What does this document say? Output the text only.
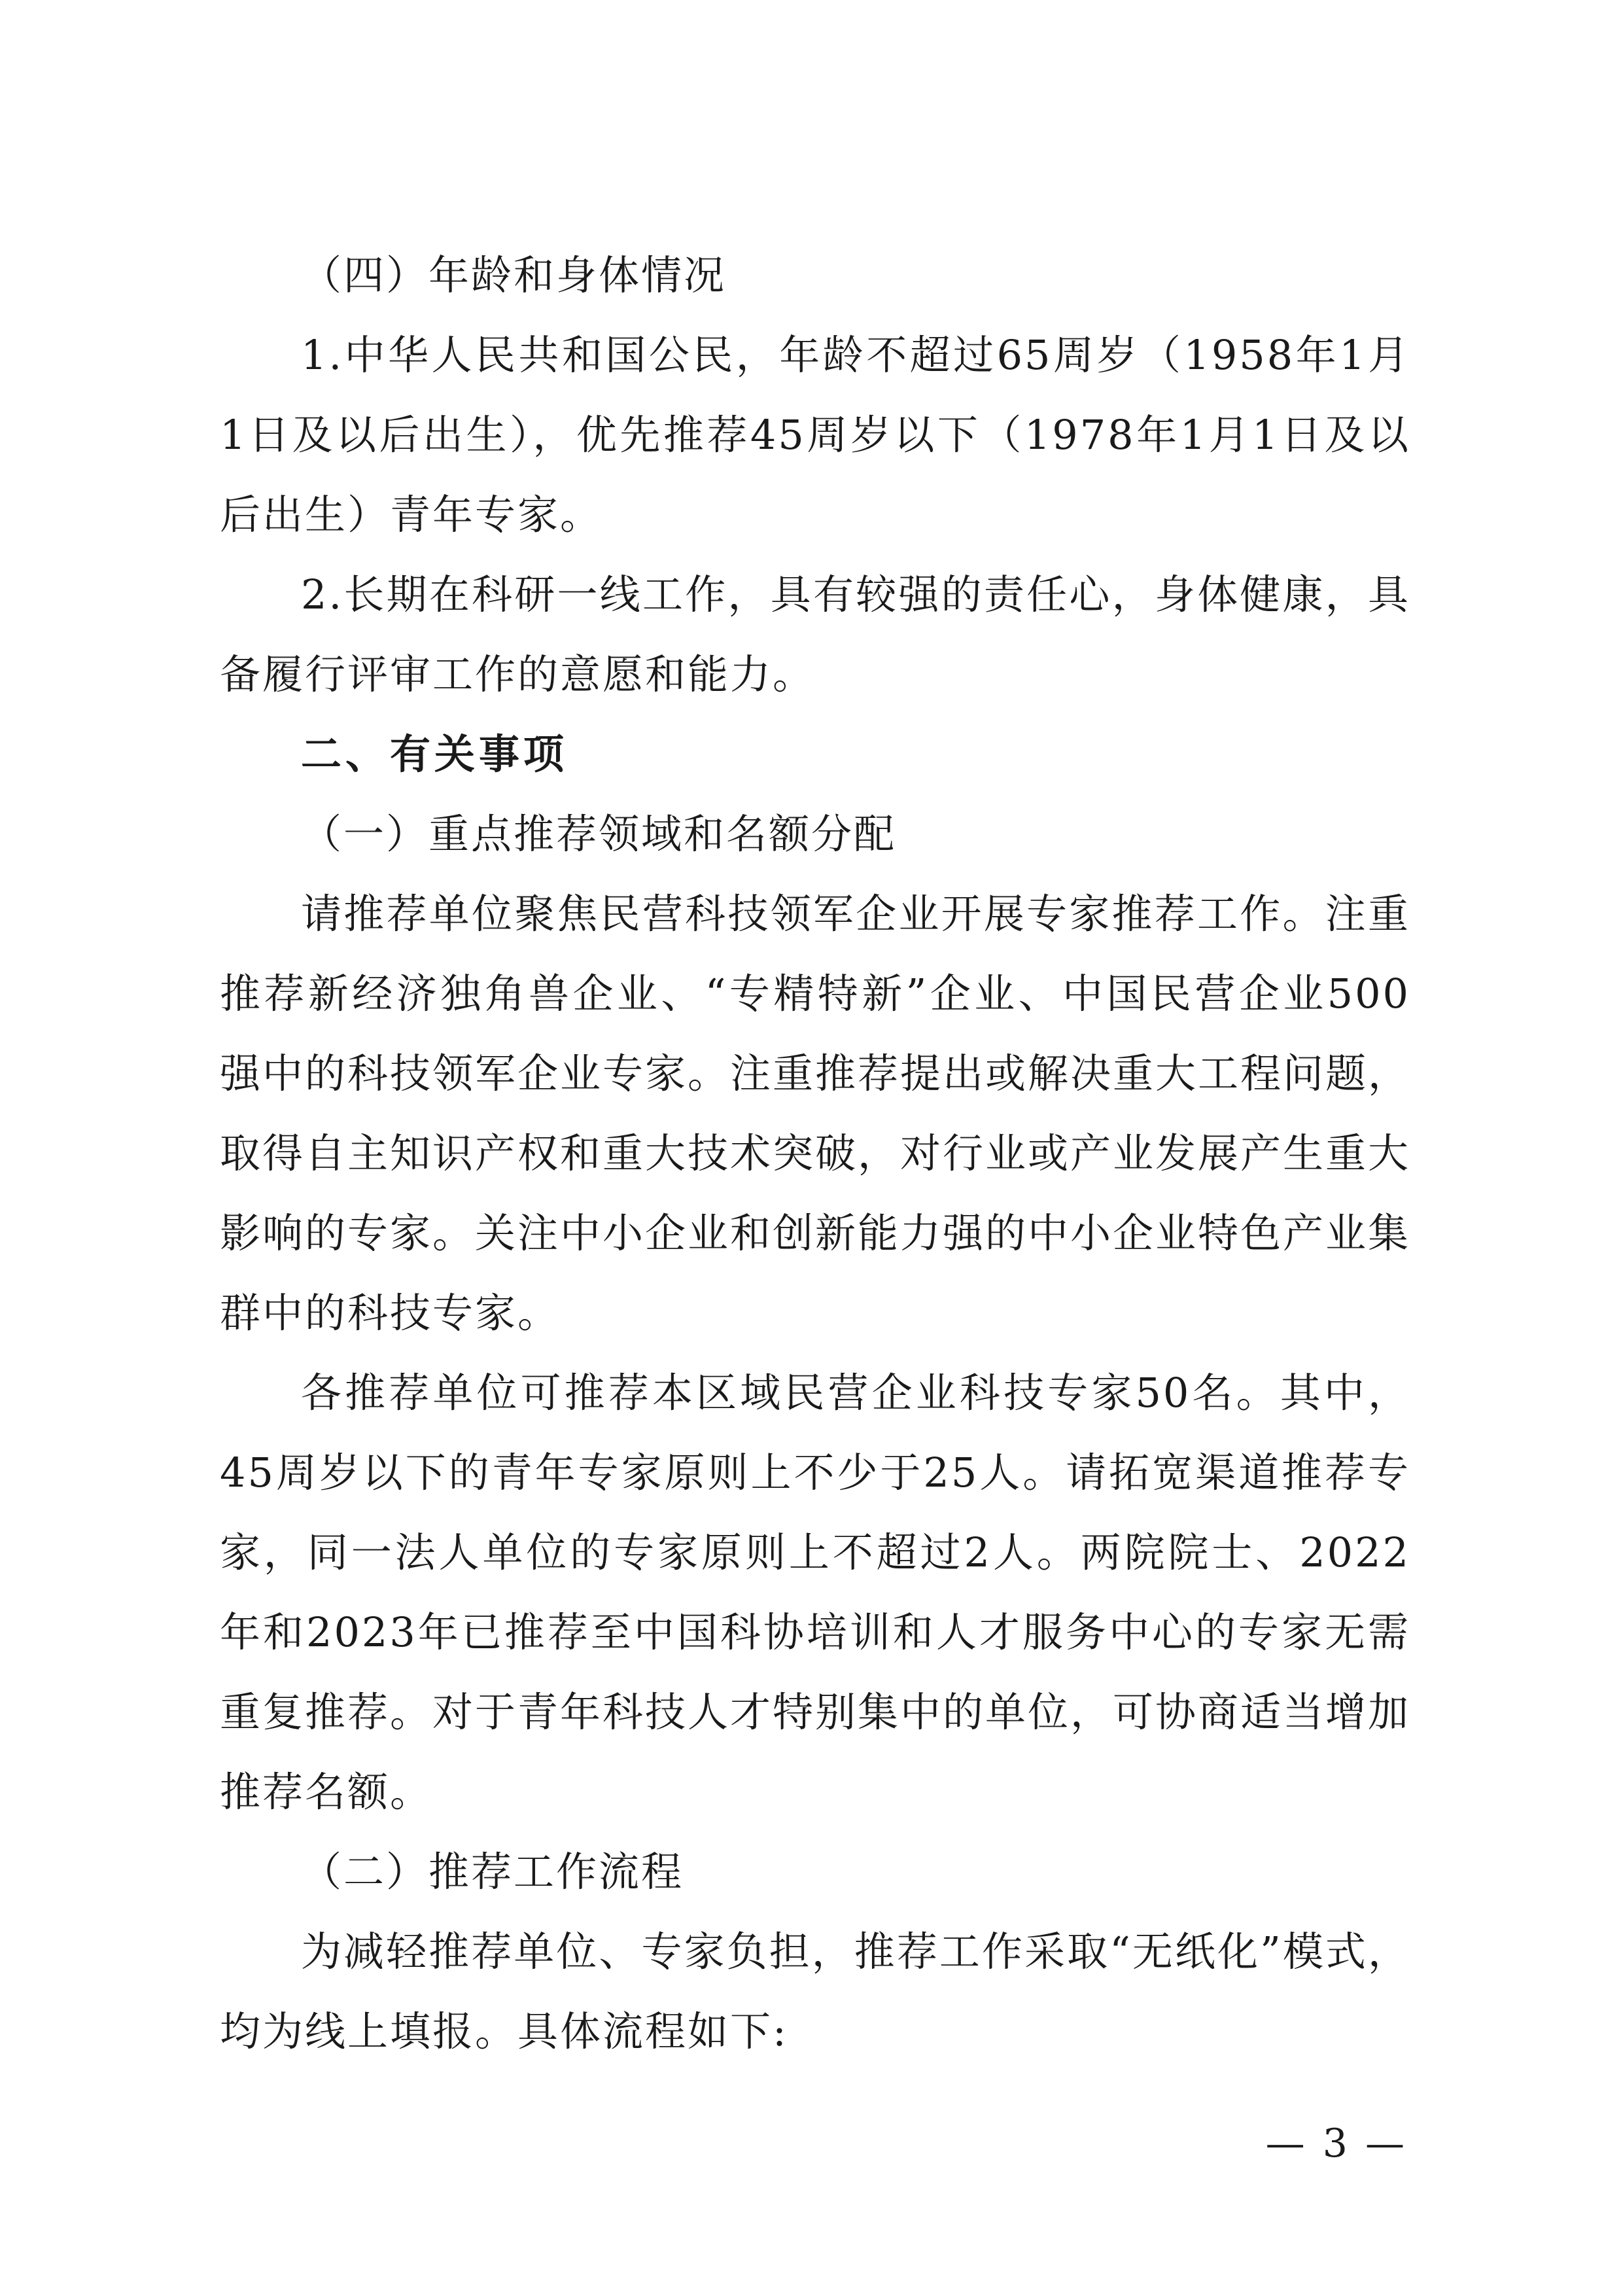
（四）年龄和身体情况

1.中华人民共和国公民，年龄不超过65周岁（1958年1月1日及以后出生），优先推荐45周岁以下（1978年1月1日及以后出生）青年专家。

2.长期在科研一线工作，具有较强的责任心，身体健康，具备履行评审工作的意愿和能力。

二、有关事项

（一）重点推荐领域和名额分配

请推荐单位聚焦民营科技领军企业开展专家推荐工作。注重推荐新经济独角兽企业、“专精特新”企业、中国民营企业500强中的科技领军企业专家。注重推荐提出或解决重大工程问题，取得自主知识产权和重大技术突破，对行业或产业发展产生重大影响的专家。关注中小企业和创新能力强的中小企业特色产业集群中的科技专家。

各推荐单位可推荐本区域民营企业科技专家50名。其中，45周岁以下的青年专家原则上不少于25人。请拓宽渠道推荐专家，同一法人单位的专家原则上不超过2人。两院院士、2022年和2023年已推荐至中国科协培训和人才服务中心的专家无需重复推荐。对于青年科技人才特别集中的单位，可协商适当增加推荐名额。

（二）推荐工作流程

为减轻推荐单位、专家负担，推荐工作采取“无纸化”模式，均为线上填报。具体流程如下:

— 3 —
